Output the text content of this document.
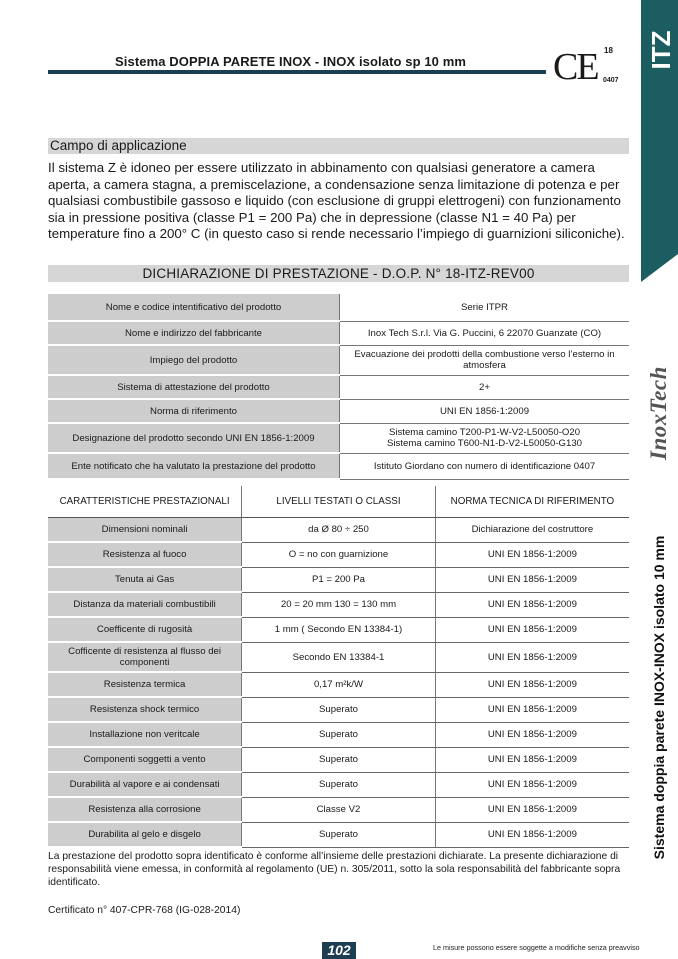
ITZ
Sistema DOPPIA PARETE INOX - INOX isolato sp 10 mm CE 18
0407
InoxTech
Sistema doppia parete INOX-INOX isolato 10 mm
Campo di applicazione
Il sistema Z è idoneo per essere utilizzato in abbinamento con qualsiasi generatore a camera aperta, a camera stagna, a premiscelazione, a condensazione senza limitazione di potenza e per qualsiasi combustibile gassoso e liquido (con esclusione di gruppi elettrogeni) con funzionamento sia in pressione positiva (classe P1 = 200 Pa) che in depressione (classe N1 = 40 Pa) per temperature fino a 200° C (in questo caso si rende necessario l’impiego di guarnizioni siliconiche).
DICHIARAZIONE DI PRESTAZIONE - D.O.P. N° 18-ITZ-REV00
Nome e codice intentificativo del prodotto	Serie ITPR
Nome e indirizzo del fabbricante	Inox Tech S.r.l. Via G. Puccini, 6 22070 Guanzate (CO)
Impiego del prodotto	Evacuazione dei prodotti della combustione verso l’esterno in atmosfera
Sistema di attestazione del prodotto	2+
Norma di riferimento	UNI EN 1856-1:2009
Designazione del prodotto secondo UNI EN 1856-1:2009	Sistema camino T200-P1-W-V2-L50050-O20
Sistema camino T600-N1-D-V2-L50050-G130
Ente notificato che ha valutato la prestazione del prodotto	Istituto Giordano con numero di identificazione 0407
CARATTERISTICHE PRESTAZIONALI	LIVELLI TESTATI O CLASSI	NORMA TECNICA DI RIFERIMENTO
Dimensioni nominali	da Ø 80 ÷ 250	Dichiarazione del costruttore
Resistenza al fuoco	O = no con guarnizione	UNI EN 1856-1:2009
Tenuta ai Gas	P1 = 200 Pa	UNI EN 1856-1:2009
Distanza da materiali combustibili	20 = 20 mm 130 = 130 mm	UNI EN 1856-1:2009
Coefficente di rugosità	1 mm ( Secondo EN 13384-1)	UNI EN 1856-1:2009
Cofficente di resistenza al flusso dei componenti	Secondo EN 13384-1	UNI EN 1856-1:2009
Resistenza termica	0,17 m²k/W	UNI EN 1856-1:2009
Resistenza shock termico	Superato	UNI EN 1856-1:2009
Installazione non veritcale	Superato	UNI EN 1856-1:2009
Componenti soggetti a vento	Superato	UNI EN 1856-1:2009
Durabilità al vapore e ai condensati	Superato	UNI EN 1856-1:2009
Resistenza alla corrosione	Classe V2	UNI EN 1856-1:2009
Durabilita al gelo e disgelo	Superato	UNI EN 1856-1:2009
La prestazione del prodotto sopra identificato è conforme all’insieme delle prestazioni dichiarate. La presente dichiarazione di responsabilità viene emessa, in conformità al regolamento (UE) n. 305/2011, sotto la sola responsabilità del fabbricante sopra identificato.
Certificato n° 407-CPR-768 (IG-028-2014)
102	Le misure possono essere soggette a modifiche senza preavviso
